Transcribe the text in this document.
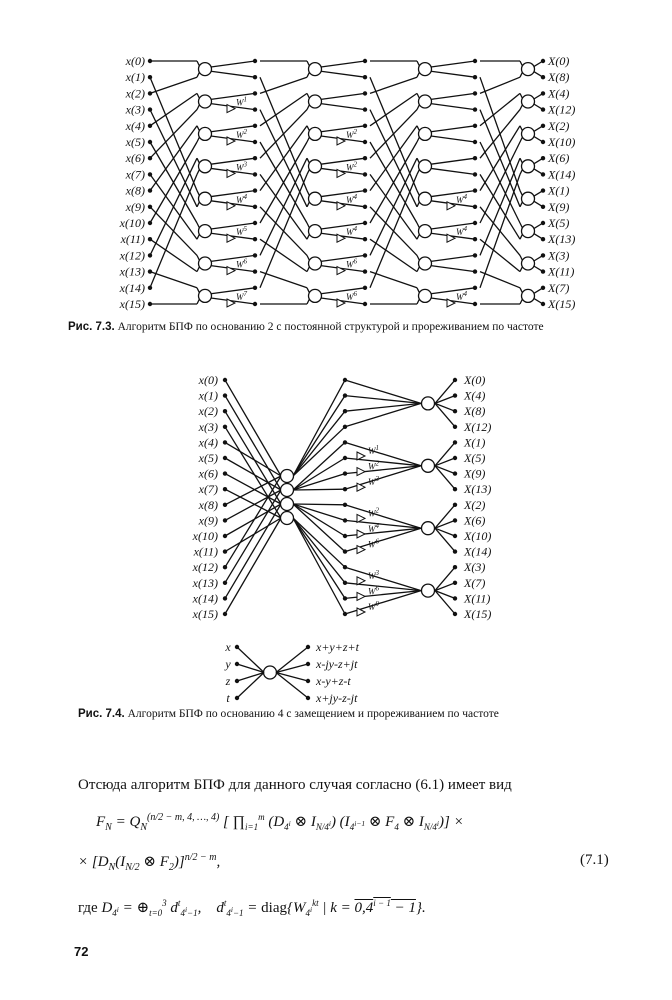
x(0)
x(1)
x(2)
x(3)
x(4)
x(5)
x(6)
x(7)
x(8)
x(9)
x(10)
x(11)
x(12)
x(13)
x(14)
x(15)
X(0)
X(8)
X(4)
X(12)
X(2)
X(10)
X(6)
X(14)
X(1)
X(9)
X(5)
X(13)
X(3)
X(11)
X(7)
X(15)
$W^1$
$W^2$
$W^3$
$W^4$
$W^5$
$W^6$
$W^7$
$W^2$
$W^2$
$W^4$
$W^4$
$W^6$
$W^6$
$W^4$
$W^4$
$W^4$
Рис. 7.3. Алгоритм БПФ по основанию 2 с постоянной структурой и прореживанием по частоте
x(0)
x(1)
x(2)
x(3)
x(4)
x(5)
x(6)
x(7)
x(8)
x(9)
x(10)
x(11)
x(12)
x(13)
x(14)
x(15)
X(0)
X(4)
X(8)
X(12)
X(1)
X(5)
X(9)
X(13)
X(2)
X(6)
X(10)
X(14)
X(3)
X(7)
X(11)
X(15)
$W^1$
$W^2$
$W^3$
$W^2$
$W^4$
$W^6$
$W^3$
$W^6$
$W^9$
x
y
z
t
x+y+z+t
x-jy-z+jt
x-y+z-t
x+jy-z-jt
Рис. 7.4. Алгоритм БПФ по основанию 4 с замещением и прореживанием по частоте
Отсюда алгоритм БПФ для данного случая согласно (6.1) имеет вид
$F_N = Q_N^{(n/2 - m, 4, \dots, 4)}$ [ $\prod_{i=1}^m$ ($D_{4^i}$ ⊗ $I_{N/4^i}$) ($I_{4^{i-1}}$ ⊗ $F_4$ ⊗ $I_{N/4^i}$)] ×
× [$D_N(I_{N/2}$ ⊗ $F_2)]^{n/2 - m}$,	(7.1)
где $D_{4^i}$ = $\oplus_{t=0}^3$ $d^t_{4^i-1}$,    $d^t_{4^i-1}$ = $diag\{W_{4^i}^{kt}$ | $k = 0,4^{i - 1} - 1$}.
72
